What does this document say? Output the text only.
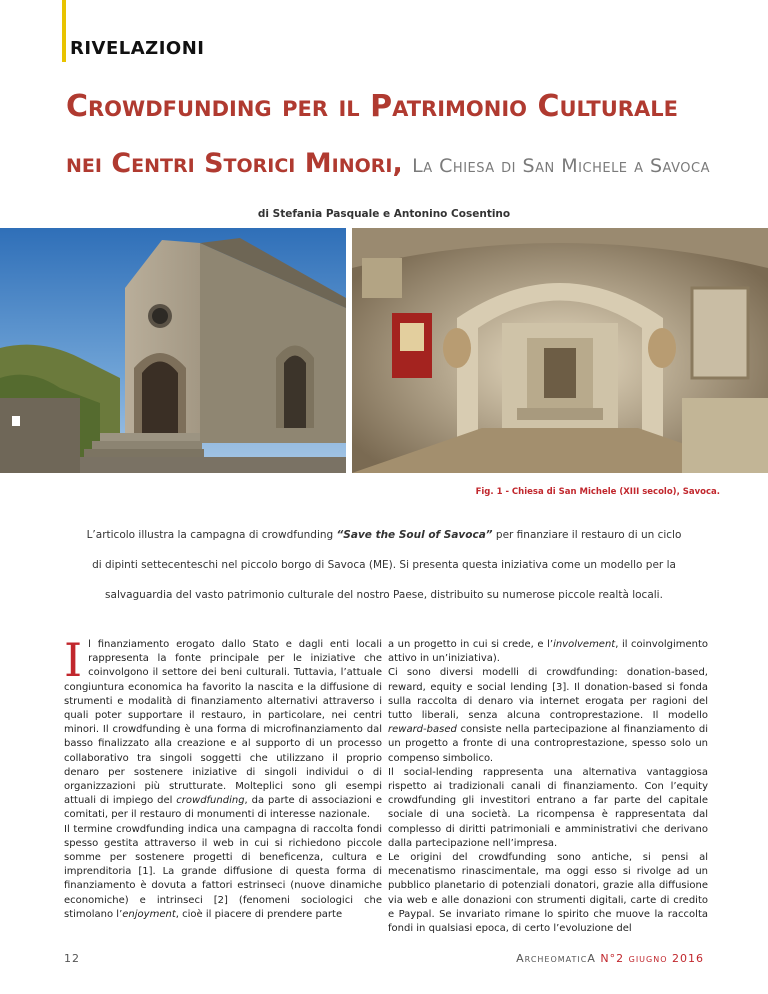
RIVELAZIONI
Crowdfunding per il Patrimonio Culturale
nei Centri Storici Minori, La Chiesa di San Michele a Savoca
di Stefania Pasquale e Antonino Cosentino
Fig. 1 - Chiesa di San Michele (XIII secolo), Savoca.
L’articolo illustra la campagna di crowdfunding “Save the Soul of Savoca” per finanziare il restauro di un ciclo
di dipinti settecenteschi nel piccolo borgo di Savoca (ME). Si presenta questa iniziativa come un modello per la
salvaguardia del vasto patrimonio culturale del nostro Paese, distribuito su numerose piccole realtà locali.

Il finanziamento erogato dallo Stato e dagli enti locali rappresenta la fonte principale per le iniziative che coinvolgono il settore dei beni culturali. Tuttavia, l’attuale congiuntura economica ha favorito la nascita e la diffusione di strumenti e modalità di finanziamento alternativi attraverso i quali poter supportare il restauro, in particolare, nei centri minori. Il crowdfunding è una forma di microfinanziamento dal basso finalizzato alla creazione e al supporto di un processo collaborativo tra singoli soggetti che utilizzano il proprio denaro per sostenere iniziative di singoli individui o di organizzazioni più strutturate. Molteplici sono gli esempi attuali di impiego del crowdfunding, da parte di associazioni e comitati, per il restauro di monumenti di interesse nazionale.

Il termine crowdfunding indica una campagna di raccolta fondi spesso gestita attraverso il web in cui si richiedono piccole somme per sostenere progetti di beneficenza, cultura e imprenditoria [1]. La grande diffusione di questa forma di finanziamento è dovuta a fattori estrinseci (nuove dinamiche economiche) e intrinseci [2] (fenomeni sociologici che stimolano l’enjoyment, cioè il piacere di prendere parte

a un progetto in cui si crede, e l’involvement, il coinvolgimento attivo in un’iniziativa).

Ci sono diversi modelli di crowdfunding: donation-based, reward, equity e social lending [3]. Il donation-based si fonda sulla raccolta di denaro via internet erogata per ragioni del tutto liberali, senza alcuna controprestazione. Il modello reward-based consiste nella partecipazione al finanziamento di un progetto a fronte di una controprestazione, spesso solo un compenso simbolico.

Il social-lending rappresenta una alternativa vantaggiosa rispetto ai tradizionali canali di finanziamento. Con l’equity crowdfunding gli investitori entrano a far parte del capitale sociale di una società. La ricompensa è rappresentata dal complesso di diritti patrimoniali e amministrativi che derivano dalla partecipazione nell’impresa.

Le origini del crowdfunding sono antiche, si pensi al mecenatismo rinascimentale, ma oggi esso si rivolge ad un pubblico planetario di potenziali donatori, grazie alla diffusione via web e alle donazioni con strumenti digitali, carte di credito e Paypal. Se invariato rimane lo spirito che muove la raccolta fondi in qualsiasi epoca, di certo l’evoluzione del

12	ArcheomaticA N°2 giugno 2016
